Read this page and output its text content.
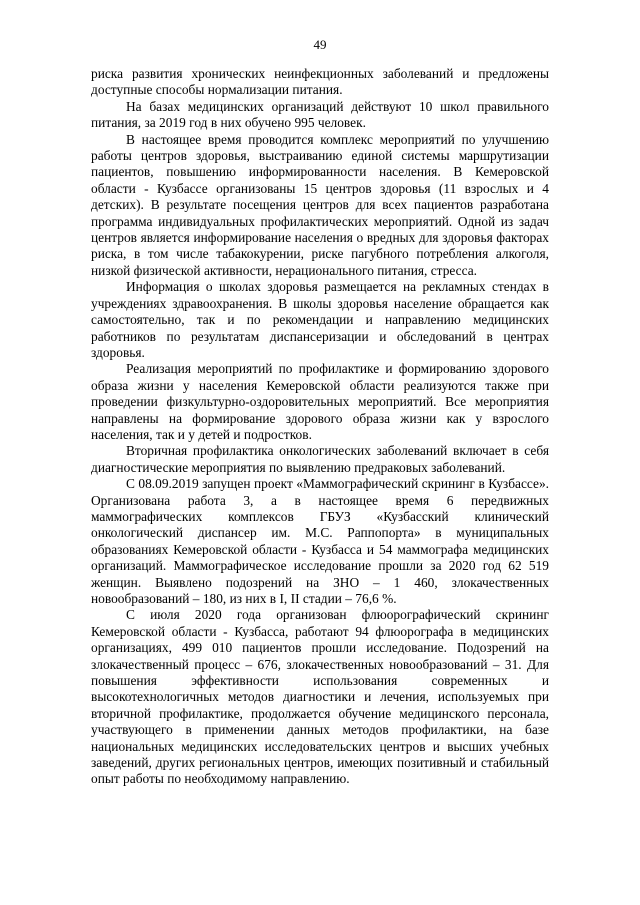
49

риска развития хронических неинфекционных заболеваний и предложены доступные способы нормализации питания.

На базах медицинских организаций действуют 10 школ правильного питания, за 2019 год в них обучено 995 человек.

В настоящее время проводится комплекс мероприятий по улучшению работы центров здоровья, выстраиванию единой системы маршрутизации пациентов, повышению информированности населения. В Кемеровской области - Кузбассе организованы 15 центров здоровья (11 взрослых и 4 детских). В результате посещения центров для всех пациентов разработана программа индивидуальных профилактических мероприятий. Одной из задач центров является информирование населения о вредных для здоровья факторах риска, в том числе табакокурении, риске пагубного потребления алкоголя, низкой физической активности, нерационального питания, стресса.

Информация о школах здоровья размещается на рекламных стендах в учреждениях здравоохранения. В школы здоровья население обращается как самостоятельно, так и по рекомендации и направлению медицинских работников по результатам диспансеризации и обследований в центрах здоровья.

Реализация мероприятий по профилактике и формированию здорового образа жизни у населения Кемеровской области реализуются также при проведении физкультурно-оздоровительных мероприятий. Все мероприятия направлены на формирование здорового образа жизни как у взрослого населения, так и у детей и подростков.

Вторичная профилактика онкологических заболеваний включает в себя диагностические мероприятия по выявлению предраковых заболеваний.

С 08.09.2019 запущен проект «Маммографический скрининг в Кузбассе». Организована работа 3, а в настоящее время 6 передвижных маммографических комплексов ГБУЗ «Кузбасский клинический онкологический диспансер им. М.С. Раппопорта» в муниципальных образованиях Кемеровской области - Кузбасса и 54 маммографа медицинских организаций. Маммографическое исследование прошли за 2020 год 62 519 женщин. Выявлено подозрений на ЗНО – 1 460, злокачественных новообразований – 180, из них в I, II стадии – 76,6 %.

С июля 2020 года организован флюорографический скрининг Кемеровской области - Кузбасса, работают 94 флюорографа в медицинских организациях, 499 010 пациентов прошли исследование. Подозрений на злокачественный процесс – 676, злокачественных новообразований – 31. Для повышения эффективности использования современных и высокотехнологичных методов диагностики и лечения, используемых при вторичной профилактике, продолжается обучение медицинского персонала, участвующего в применении данных методов профилактики, на базе национальных медицинских исследовательских центров и высших учебных заведений, других региональных центров, имеющих позитивный и стабильный опыт работы по необходимому направлению.
